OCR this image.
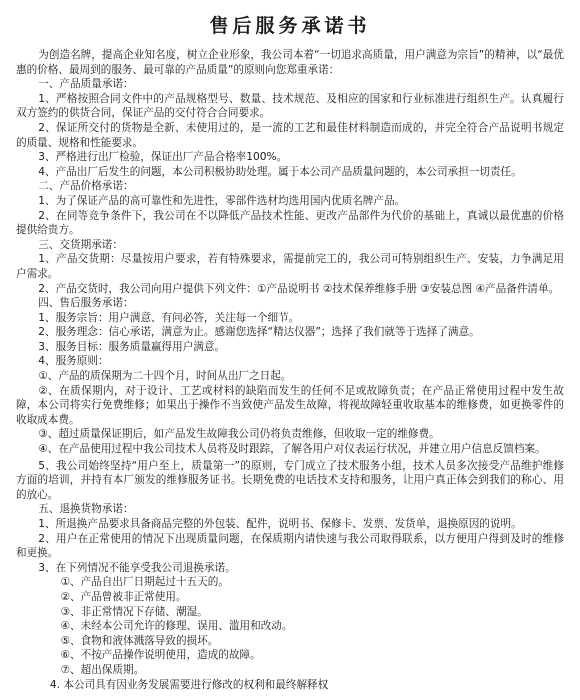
售后服务承诺书

为创造名牌，提高企业知名度，树立企业形象，我公司本着“一切追求高质量，用户满意为宗旨”的精神，以“最优惠的价格、最周到的服务、最可靠的产品质量”的原则向您郑重承诺：

一、产品质量承诺：

1、严格按照合同文件中的产品规格型号、数量、技术规范、及相应的国家和行业标准进行组织生产。认真履行双方签约的供货合同，保证产品的交付符合合同要求。

2、保证所交付的货物是全新、未使用过的，是一流的工艺和最佳材料制造而成的，并完全符合产品说明书规定的质量、规格和性能要求。

3、严格进行出厂检验，保证出厂产品合格率100%。

4、产品出厂后发生的问题，本公司积极协助处理。属于本公司产品质量问题的，本公司承担一切责任。

二、产品价格承诺：

1、为了保证产品的高可靠性和先进性，零部件选材均选用国内优质名牌产品。

2、在同等竞争条件下，我公司在不以降低产品技术性能、更改产品部件为代价的基础上，真诚以最优惠的价格提供给贵方。

三、交货期承诺：

1、产品交货期：尽量按用户要求，若有特殊要求，需提前完工的，我公司可特别组织生产、安装，力争满足用户需求。

2、产品交货时，我公司向用户提供下列文件：①产品说明书 ②技术保养维修手册 ③安装总图 ④产品备件清单。

四、售后服务承诺：

1、服务宗旨：用户满意、有问必答，关注每一个细节。

2、服务理念：信心承诺，满意为止。感谢您选择“精达仪器”；选择了我们就等于选择了满意。

3、服务目标：服务质量赢得用户满意。

4、服务原则：

①、产品的质保期为二十四个月，时间从出厂之日起。

②、在质保期内，对于设计、工艺或材料的缺陷而发生的任何不足或故障负责；在产品正常使用过程中发生故障，本公司将实行免费维修；如果出于操作不当致使产品发生故障，将视故障轻重收取基本的维修费，如更换零件的收取成本费。

③、超过质量保证期后，如产品发生故障我公司仍将负责维修，但收取一定的维修费。

④、在产品使用过程中我公司技术人员将及时跟踪，了解各用户对仪表运行状况，并建立用户信息反馈档案。

5、我公司始终坚持“用户至上，质量第一”的原则，专门成立了技术服务小组，技术人员多次接受产品维护维修方面的培训，并持有本厂颁发的维修服务证书。长期免费的电话技术支持和服务，让用户真正体会到我们的称心、用的放心。

五、退换货物承诺：

1、所退换产品要求具备商品完整的外包装、配件，说明书、保修卡、发票、发货单，退换原因的说明。

2、用户在正常使用的情况下出现质量问题，在保质期内请快速与我公司取得联系，以方便用户得到及时的维修和更换。

3、在下列情况不能享受我公司退换承诺。

①、产品自出厂日期起过十五天的。

②、产品曾被非正常使用。

③、非正常情况下存储、潮湿。

④、未经本公司允许的修理、误用、滥用和改动。

⑤、食物和液体溅落导致的损坏。

⑥、不按产品操作说明使用，造成的故障。

⑦、超出保质期。

4. 本公司具有因业务发展需要进行修改的权利和最终解释权
